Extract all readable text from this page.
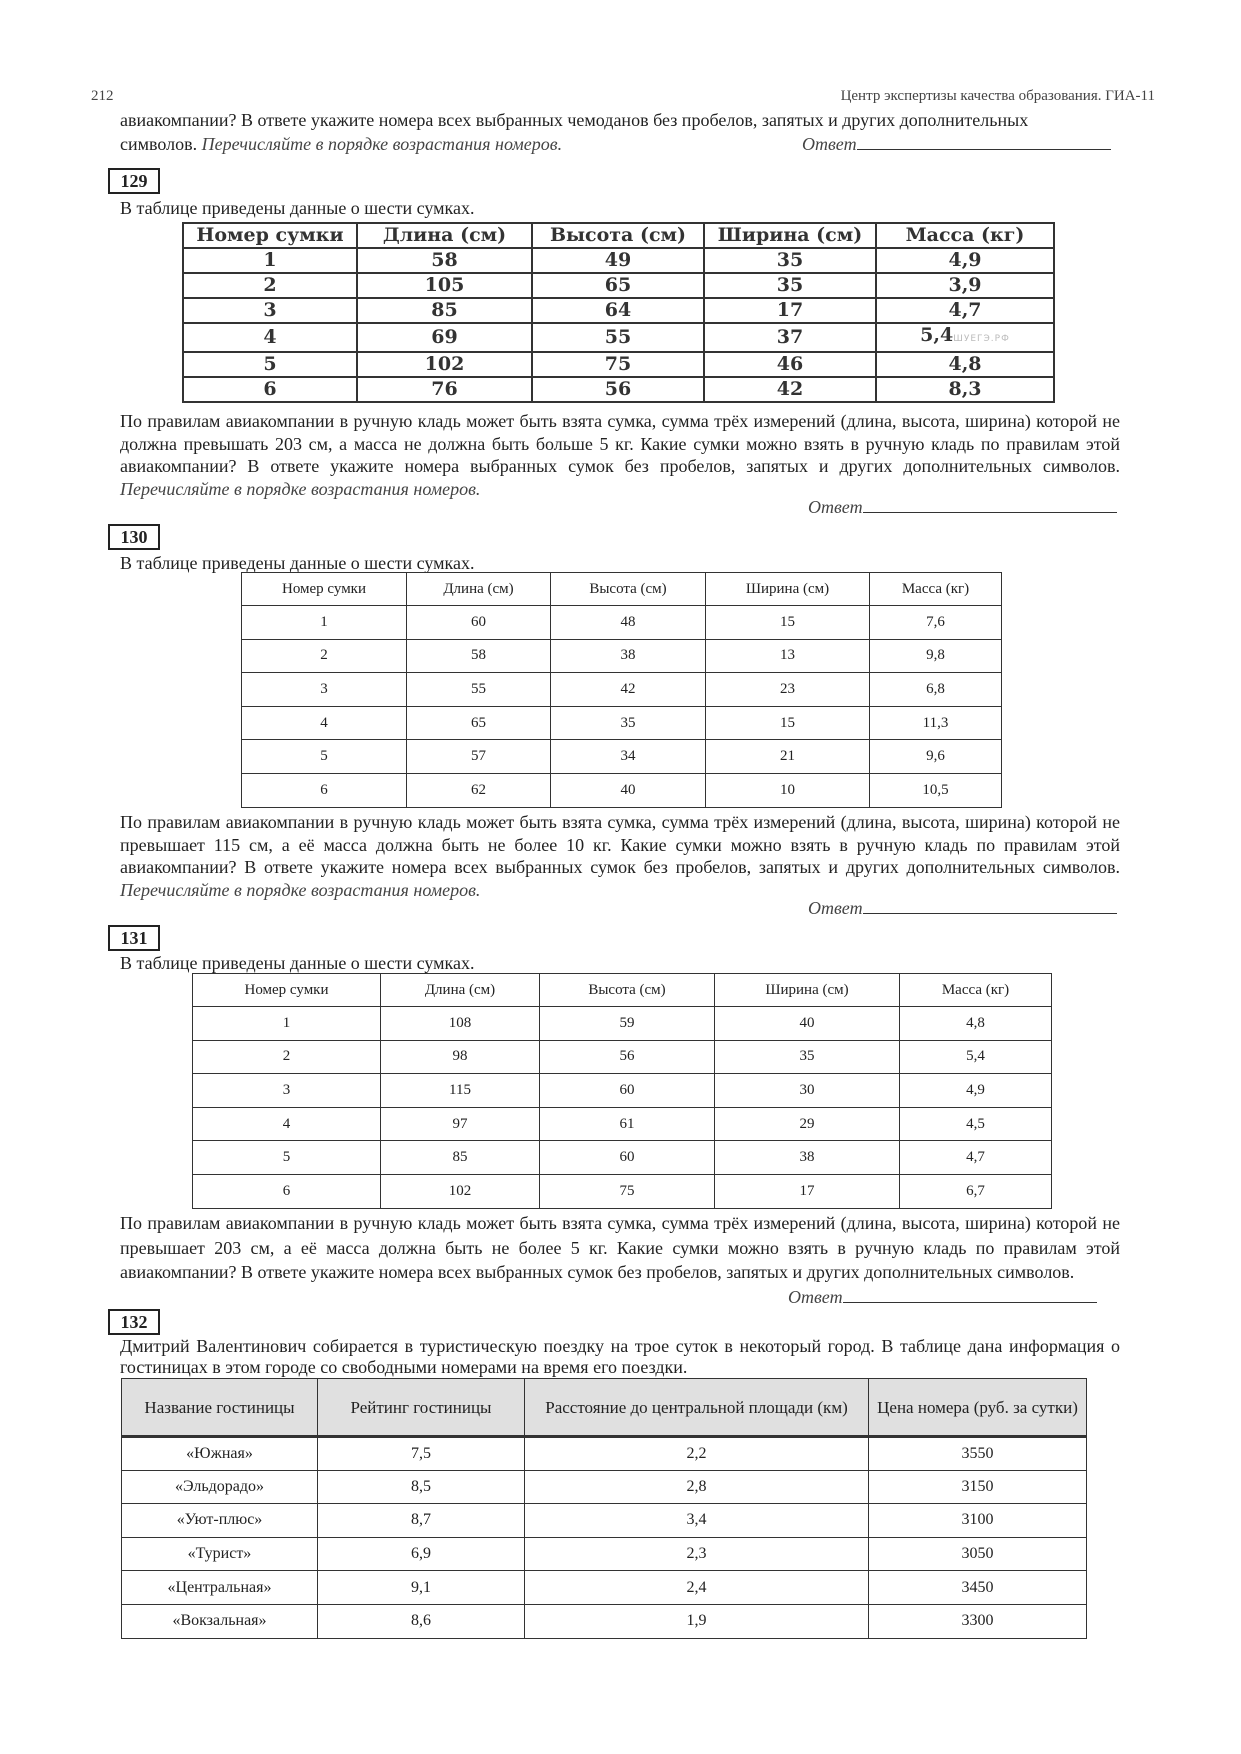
212	Центр экспертизы качества образования. ГИА-11

авиакомпании? В ответе укажите номера всех выбранных чемоданов без пробелов, запятых и других дополнительных

символов. Перечисляйте в порядке возрастания номеров.	Ответ
129
В таблице приведены данные о шести сумках.
Номер сумки	Длина (см)	Высота (см)	Ширина (см)	Масса (кг)
1	58	49	35	4,9
2	105	65	35	3,9
3	85	64	17	4,7
4	69	55	37	5,4ШУЕГЭ.РФ
5	102	75	46	4,8
6	76	56	42	8,3

По правилам авиакомпании в ручную кладь может быть взята сумка, сумма трёх измерений (длина, высота, ширина) которой не должна превышать 203 см, а масса не должна быть больше 5 кг. Какие сумки можно взять в ручную кладь по правилам этой авиакомпании? В ответе укажите номера выбранных сумок без пробелов, запятых и других дополнительных символов. Перечисляйте в порядке возрастания номеров.

Ответ
130
В таблице приведены данные о шести сумках.
Номер сумки	Длина (см)	Высота (см)	Ширина (см)	Масса (кг)
1	60	48	15	7,6
2	58	38	13	9,8
3	55	42	23	6,8
4	65	35	15	11,3
5	57	34	21	9,6
6	62	40	10	10,5

По правилам авиакомпании в ручную кладь может быть взята сумка, сумма трёх измерений (длина, высота, ширина) которой не превышает 115 см, а её масса должна быть не более 10 кг. Какие сумки можно взять в ручную кладь по правилам этой авиакомпании? В ответе укажите номера всех выбранных сумок без пробелов, запятых и других дополнительных символов. Перечисляйте в порядке возрастания номеров.

Ответ
131
В таблице приведены данные о шести сумках.
Номер сумки	Длина (см)	Высота (см)	Ширина (см)	Масса (кг)
1	108	59	40	4,8
2	98	56	35	5,4
3	115	60	30	4,9
4	97	61	29	4,5
5	85	60	38	4,7
6	102	75	17	6,7

По правилам авиакомпании в ручную кладь может быть взята сумка, сумма трёх измерений (длина, высота, ширина) которой не превышает 203 см, а её масса должна быть не более 5 кг. Какие сумки можно взять в ручную кладь по правилам этой авиакомпании? В ответе укажите номера всех выбранных сумок без пробелов, запятых и других дополнительных символов.

Ответ
132

Дмитрий Валентинович собирается в туристическую поездку на трое суток в некоторый город. В таблице дана информация о гостиницах в этом городе со свободными номерами на время его поездки.

Название гостиницы	Рейтинг гостиницы	Расстояние до центральной площади (км)	Цена номера (руб. за сутки)
«Южная»	7,5	2,2	3550
«Эльдорадо»	8,5	2,8	3150
«Уют-плюс»	8,7	3,4	3100
«Турист»	6,9	2,3	3050
«Центральная»	9,1	2,4	3450
«Вокзальная»	8,6	1,9	3300
